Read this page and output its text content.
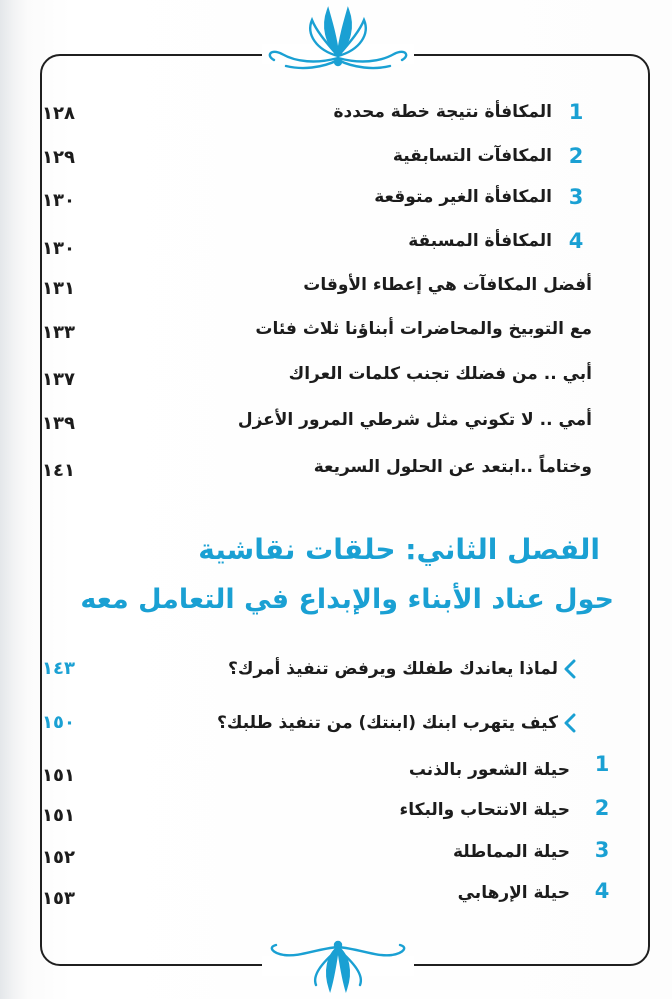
1
المكافأة نتيجة خطة محددة
١٢٨
2
المكافآت التسابقية
١٢٩
3
المكافأة الغير متوقعة
١٣٠
4
المكافأة المسبقة
١٣٠
أفضل المكافآت هي إعطاء الأوقات
١٣١
مع التوبيخ والمحاضرات أبناؤنا ثلاث فئات
١٣٣
أبي .. من فضلك تجنب كلمات العراك
١٣٧
أمي .. لا تكوني مثل شرطي المرور الأعزل
١٣٩
وختاماً ..ابتعد عن الحلول السريعة
١٤١
الفصل الثاني: حلقات نقاشية
حول عناد الأبناء والإبداع في التعامل معه
لماذا يعاندك طفلك ويرفض تنفيذ أمرك؟
١٤٣
كيف يتهرب ابنك (ابنتك) من تنفيذ طلبك؟
١٥٠
1
حيلة الشعور بالذنب
١٥١
2
حيلة الانتحاب والبكاء
١٥١
3
حيلة المماطلة
١٥٢
4
حيلة الإرهابي
١٥٣
